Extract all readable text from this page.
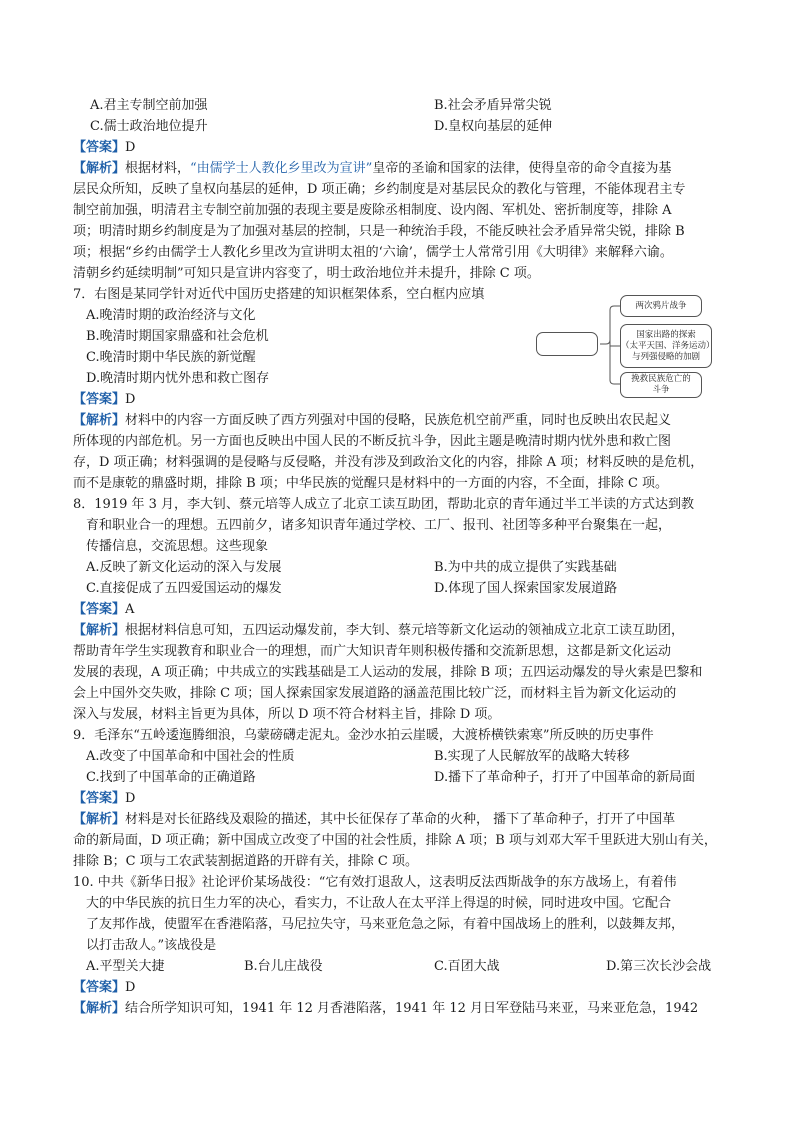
A.君主专制空前加强	B.社会矛盾异常尖锐
C.儒士政治地位提升	D.皇权向基层的延伸
【答案】D
【解析】根据材料，“由儒学士人教化乡里改为宣讲”皇帝的圣谕和国家的法律，使得皇帝的命令直接为基
层民众所知，反映了皇权向基层的延伸，D 项正确；乡约制度是对基层民众的教化与管理，不能体现君主专
制空前加强，明清君主专制空前加强的表现主要是废除丞相制度、设内阁、军机处、密折制度等，排除 A
项；明清时期乡约制度是为了加强对基层的控制，只是一种统治手段，不能反映社会矛盾异常尖锐，排除 B
项；根据“乡约由儒学士人教化乡里改为宣讲明太祖的‘六谕’，儒学士人常常引用《大明律》来解释六谕。
清朝乡约延续明制”可知只是宣讲内容变了，明士政治地位并未提升，排除 C 项。
7．右图是某同学针对近代中国历史搭建的知识框架体系，空白框内应填
A.晚清时期的政治经济与文化
B.晚清时期国家鼎盛和社会危机
C.晚清时期中华民族的新觉醒
D.晚清时期内忧外患和救亡图存
两次鸦片战争
国家出路的探索
（太平天国、洋务运动）
与列强侵略的加剧
挽救民族危亡的
斗争
【答案】D
【解析】材料中的内容一方面反映了西方列强对中国的侵略，民族危机空前严重，同时也反映出农民起义
所体现的内部危机。另一方面也反映出中国人民的不断反抗斗争，因此主题是晚清时期内忧外患和救亡图
存，D 项正确；材料强调的是侵略与反侵略，并没有涉及到政治文化的内容，排除 A 项；材料反映的是危机，
而不是康乾的鼎盛时期，排除 B 项；中华民族的觉醒只是材料中的一方面的内容，不全面，排除 C 项。
8．1919 年 3 月，李大钊、蔡元培等人成立了北京工读互助团，帮助北京的青年通过半工半读的方式达到教
育和职业合一的理想。五四前夕，诸多知识青年通过学校、工厂、报刊、社团等多种平台聚集在一起，
传播信息，交流思想。这些现象
A.反映了新文化运动的深入与发展	B.为中共的成立提供了实践基础
C.直接促成了五四爱国运动的爆发	D.体现了国人探索国家发展道路
【答案】A
【解析】根据材料信息可知，五四运动爆发前，李大钊、蔡元培等新文化运动的领袖成立北京工读互助团，
帮助青年学生实现教育和职业合一的理想，而广大知识青年则积极传播和交流新思想，这都是新文化运动
发展的表现，A 项正确；中共成立的实践基础是工人运动的发展，排除 B 项；五四运动爆发的导火索是巴黎和
会上中国外交失败，排除 C 项；国人探索国家发展道路的涵盖范围比较广泛，而材料主旨为新文化运动的
深入与发展，材料主旨更为具体，所以 D 项不符合材料主旨，排除 D 项。
9．毛泽东“五岭逶迤腾细浪，乌蒙磅礴走泥丸。金沙水拍云崖暖，大渡桥横铁索寒”所反映的历史事件
A.改变了中国革命和中国社会的性质	B.实现了人民解放军的战略大转移
C.找到了中国革命的正确道路	D.播下了革命种子，打开了中国革命的新局面
【答案】D
【解析】材料是对长征路线及艰险的描述，其中长征保存了革命的火种， 播下了革命种子，打开了中国革
命的新局面，D 项正确；新中国成立改变了中国的社会性质，排除 A 项；B 项与刘邓大军千里跃进大别山有关，
排除 B；C 项与工农武装割据道路的开辟有关，排除 C 项。
10. 中共《新华日报》社论评价某场战役：“它有效打退敌人，这表明反法西斯战争的东方战场上，有着伟
大的中华民族的抗日生力军的决心，看实力，不让敌人在太平洋上得逞的时候，同时进攻中国。它配合
了友邦作战，使盟军在香港陷落，马尼拉失守，马来亚危急之际，有着中国战场上的胜利，以鼓舞友邦，
以打击敌人。”该战役是
A.平型关大捷	B.台儿庄战役	C.百团大战	D.第三次长沙会战
【答案】D
【解析】结合所学知识可知，1941 年 12 月香港陷落，1941 年 12 月日军登陆马来亚，马来亚危急，1942
